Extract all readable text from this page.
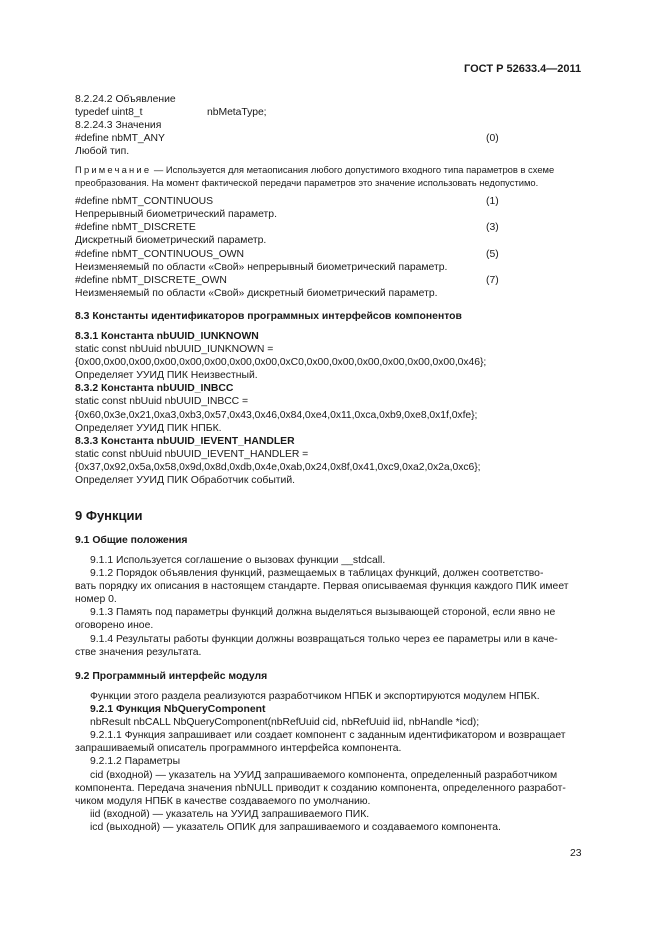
ГОСТ Р 52633.4—2011
8.2.24.2 Объявление
typedef uint8_t	nbMetaType;
8.2.24.3 Значения
#define nbMT_ANY	(0)
Любой тип.
Примечание — Используется для метаописания любого допустимого входного типа параметров в схеме
преобразования. На момент фактической передачи параметров это значение использовать недопустимо.
#define nbMT_CONTINUOUS	(1)
Непрерывный биометрический параметр.
#define nbMT_DISCRETE	(3)
Дискретный биометрический параметр.
#define nbMT_CONTINUOUS_OWN	(5)
Неизменяемый по области «Свой» непрерывный биометрический параметр.
#define nbMT_DISCRETE_OWN	(7)
Неизменяемый по области «Свой» дискретный биометрический параметр.
8.3 Константы идентификаторов программных интерфейсов компонентов
8.3.1 Константа nbUUID_IUNKNOWN
static const nbUuid nbUUID_IUNKNOWN =
{0x00,0x00,0x00,0x00,0x00,0x00,0x00,0x00,0xC0,0x00,0x00,0x00,0x00,0x00,0x00,0x46};
Определяет УУИД ПИК Неизвестный.
8.3.2 Константа nbUUID_INBCC
static const nbUuid nbUUID_INBCC =
{0x60,0x3e,0x21,0xa3,0xb3,0x57,0x43,0x46,0x84,0xe4,0x11,0xca,0xb9,0xe8,0x1f,0xfe};
Определяет УУИД ПИК НПБК.
8.3.3 Константа nbUUID_IEVENT_HANDLER
static const nbUuid nbUUID_IEVENT_HANDLER =
{0x37,0x92,0x5a,0x58,0x9d,0x8d,0xdb,0x4e,0xab,0x24,0x8f,0x41,0xc9,0xa2,0x2a,0xc6};
Определяет УУИД ПИК Обработчик событий.
9 Функции
9.1 Общие положения
9.1.1 Используется соглашение о вызовах функции __stdcall.
9.1.2 Порядок объявления функций, размещаемых в таблицах функций, должен соответство-
вать порядку их описания в настоящем стандарте. Первая описываемая функция каждого ПИК имеет
номер 0.
9.1.3 Память под параметры функций должна выделяться вызывающей стороной, если явно не
оговорено иное.
9.1.4 Результаты работы функции должны возвращаться только через ее параметры или в каче-
стве значения результата.
9.2 Программный интерфейс модуля
Функции этого раздела реализуются разработчиком НПБК и экспортируются модулем НПБК.
9.2.1 Функция NbQueryComponent
nbResult nbCALL NbQueryComponent(nbRefUuid cid, nbRefUuid iid, nbHandle *icd);
9.2.1.1 Функция запрашивает или создает компонент с заданным идентификатором и возвращает
запрашиваемый описатель программного интерфейса компонента.
9.2.1.2 Параметры
cid (входной) — указатель на УУИД запрашиваемого компонента, определенный разработчиком
компонента. Передача значения nbNULL приводит к созданию компонента, определенного разработ-
чиком модуля НПБК в качестве создаваемого по умолчанию.
iid (входной) — указатель на УУИД запрашиваемого ПИК.
icd (выходной) — указатель ОПИК для запрашиваемого и создаваемого компонента.
23
